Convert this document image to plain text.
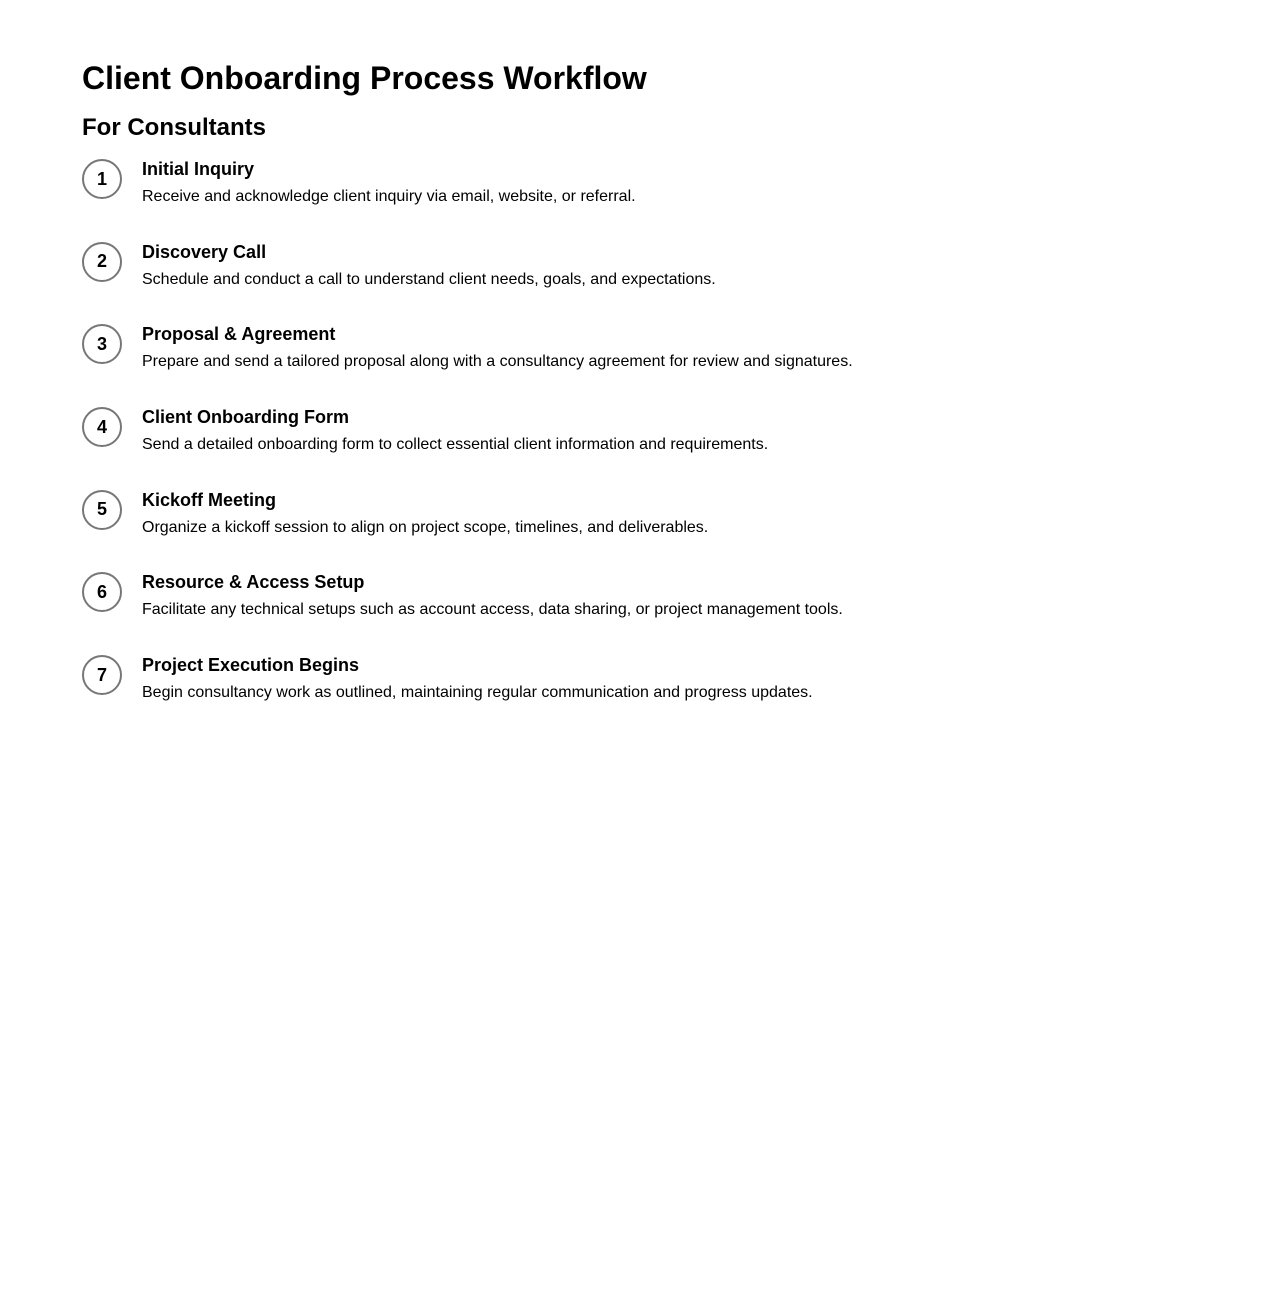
Client Onboarding Process Workflow
For Consultants
1	Initial Inquiry
Receive and acknowledge client inquiry via email, website, or referral.
2	Discovery Call
Schedule and conduct a call to understand client needs, goals, and expectations.
3	Proposal & Agreement
Prepare and send a tailored proposal along with a consultancy agreement for review and signatures.
4	Client Onboarding Form
Send a detailed onboarding form to collect essential client information and requirements.
5	Kickoff Meeting
Organize a kickoff session to align on project scope, timelines, and deliverables.
6	Resource & Access Setup
Facilitate any technical setups such as account access, data sharing, or project management tools.
7	Project Execution Begins
Begin consultancy work as outlined, maintaining regular communication and progress updates.
